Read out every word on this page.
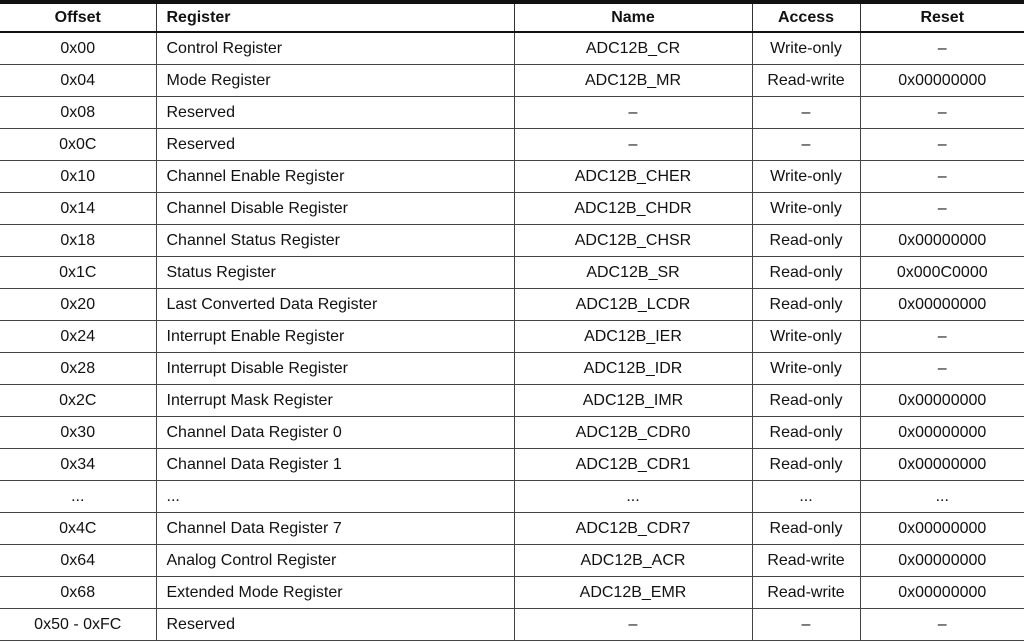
Offset	Register	Name	Access	Reset
0x00	Control Register	ADC12B_CR	Write-only	–
0x04	Mode Register	ADC12B_MR	Read-write	0x00000000
0x08	Reserved	–	–	–
0x0C	Reserved	–	–	–
0x10	Channel Enable Register	ADC12B_CHER	Write-only	–
0x14	Channel Disable Register	ADC12B_CHDR	Write-only	–
0x18	Channel Status Register	ADC12B_CHSR	Read-only	0x00000000
0x1C	Status Register	ADC12B_SR	Read-only	0x000C0000
0x20	Last Converted Data Register	ADC12B_LCDR	Read-only	0x00000000
0x24	Interrupt Enable Register	ADC12B_IER	Write-only	–
0x28	Interrupt Disable Register	ADC12B_IDR	Write-only	–
0x2C	Interrupt Mask Register	ADC12B_IMR	Read-only	0x00000000
0x30	Channel Data Register 0	ADC12B_CDR0	Read-only	0x00000000
0x34	Channel Data Register 1	ADC12B_CDR1	Read-only	0x00000000
...	...	...	...	...
0x4C	Channel Data Register 7	ADC12B_CDR7	Read-only	0x00000000
0x64	Analog Control Register	ADC12B_ACR	Read-write	0x00000000
0x68	Extended Mode Register	ADC12B_EMR	Read-write	0x00000000
0x50 - 0xFC	Reserved	–	–	–
